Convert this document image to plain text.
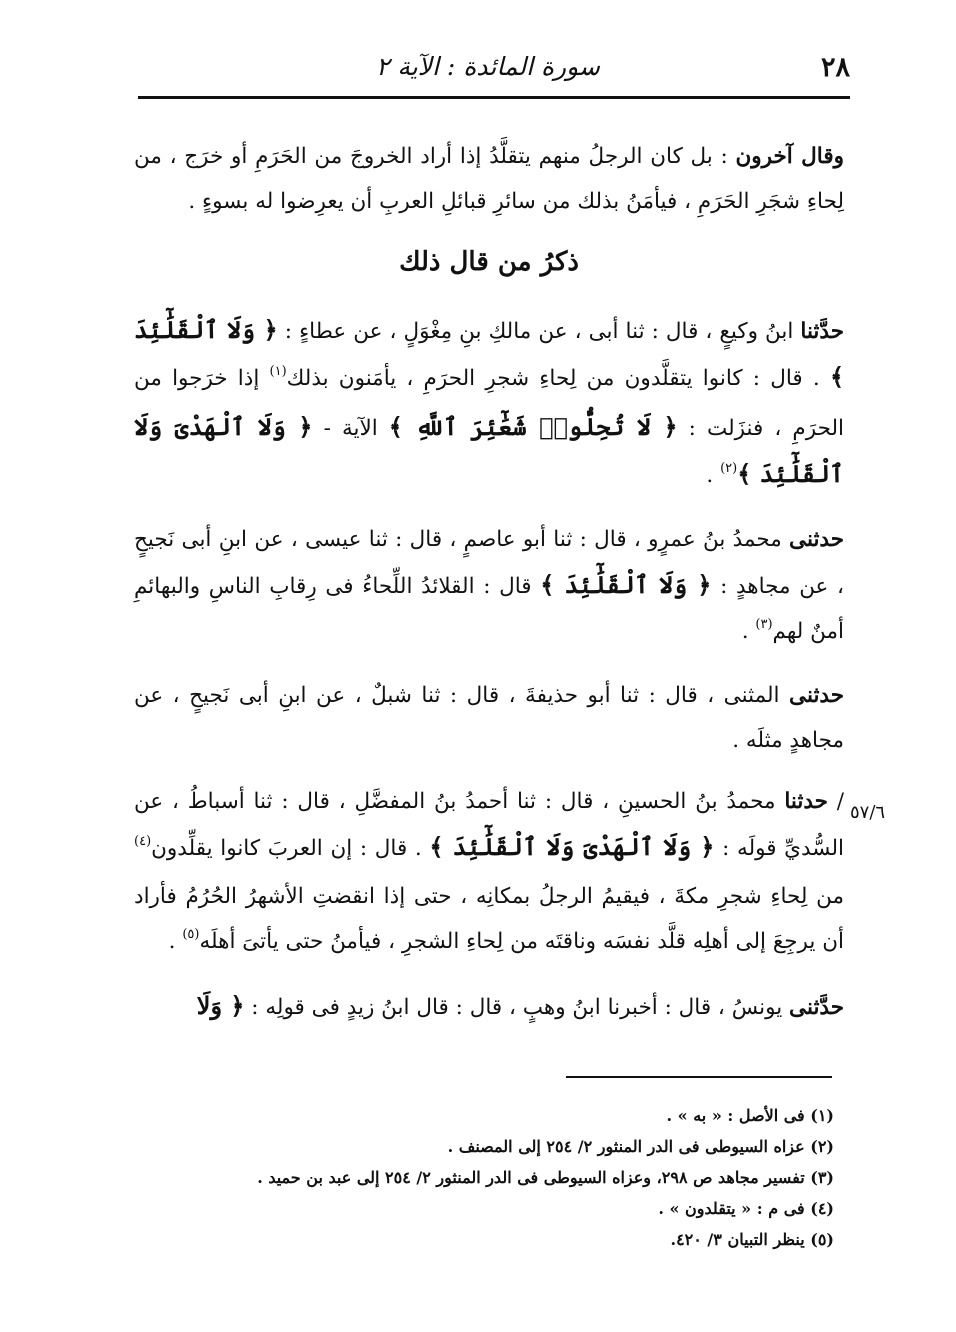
٢٨
سورة المائدة : الآية ٢
٥٧/٦

وقال آخرون : بل كان الرجلُ منهم يتقلَّدُ إذا أراد الخروجَ من الحَرَمِ أو خرَج ، من لِحاءِ شجَرِ الحَرَمِ ، فيأمَنُ بذلك من سائرِ قبائلِ العربِ أن يعرِضوا له بسوءٍ .

ذكرُ من قال ذلك

حدَّثنا ابنُ وكيعٍ ، قال : ثنا أبى ، عن مالكِ بنِ مِغْوَلٍ ، عن عطاءٍ : ﴿ وَلَا ٱلْقَلَٰٓئِدَ ﴾ . قال : كانوا يتقلَّدون من لِحاءِ شجرِ الحرَمِ ، يأمَنون بذلك$^{(١)}$ إذا خرَجوا من الحرَمِ ، فنزَلت : ﴿ لَا تُحِلُّوا۟ شَعَٰٓئِرَ ٱللَّهِ ﴾ الآية - ﴿ وَلَا ٱلْهَدْىَ وَلَا ٱلْقَلَٰٓئِدَ ﴾$^{(٢)}$ .

حدثنى محمدُ بنُ عمرٍو ، قال : ثنا أبو عاصمٍ ، قال : ثنا عيسى ، عن ابنِ أبى نَجيحٍ ، عن مجاهدٍ : ﴿ وَلَا ٱلْقَلَٰٓئِدَ ﴾ قال : القلائدُ اللِّحاءُ فى رِقابِ الناسِ والبهائمِ أمنٌ لهم$^{(٣)}$ .

حدثنى المثنى ، قال : ثنا أبو حذيفةَ ، قال : ثنا شبلٌ ، عن ابنِ أبى نَجيحٍ ، عن مجاهدٍ مثلَه .

/ حدثنا محمدُ بنُ الحسينِ ، قال : ثنا أحمدُ بنُ المفضَّلِ ، قال : ثنا أسباطُ ، عن السُّديِّ قولَه : ﴿ وَلَا ٱلْهَدْىَ وَلَا ٱلْقَلَٰٓئِدَ ﴾ . قال : إن العربَ كانوا يقلِّدون$^{(٤)}$ من لِحاءِ شجرِ مكةَ ، فيقيمُ الرجلُ بمكانِه ، حتى إذا انقضتِ الأشهرُ الحُرُمُ فأراد أن يرجِعَ إلى أهلِه قلَّد نفسَه وناقتَه من لِحاءِ الشجرِ ، فيأمنُ حتى يأتىَ أهلَه$^{(٥)}$ .

حدَّثنى يونسُ ، قال : أخبرنا ابنُ وهبٍ ، قال : قال ابنُ زيدٍ فى قولِه : ﴿ وَلَا

(١) فى الأصل : « به » .

(٢) عزاه السيوطى فى الدر المنثور ٢/ ٢٥٤ إلى المصنف .

(٣) تفسير مجاهد ص ٢٩٨، وعزاه السيوطى فى الدر المنثور ٢/ ٢٥٤ إلى عبد بن حميد .

(٤) فى م : « يتقلدون » .

(٥) ينظر التبيان ٣/ ٤٢٠.
